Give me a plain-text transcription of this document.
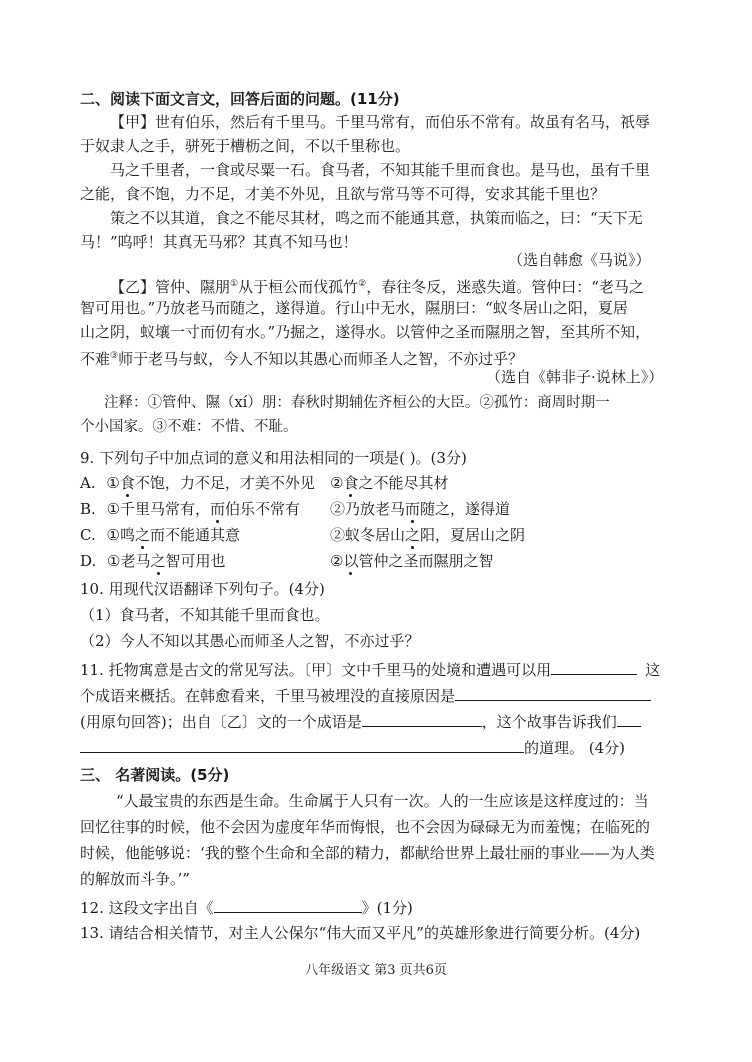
二、阅读下面文言文，回答后面的问题。(11分)
【甲】世有伯乐，然后有千里马。千里马常有，而伯乐不常有。故虽有名马，祇辱
于奴隶人之手，骈死于槽枥之间，不以千里称也。
马之千里者，一食或尽粟一石。食马者，不知其能千里而食也。是马也，虽有千里
之能，食不饱，力不足，才美不外见，且欲与常马等不可得，安求其能千里也？
策之不以其道，食之不能尽其材，鸣之而不能通其意，执策而临之，曰：“天下无
马！”呜呼！其真无马邪？其真不知马也！
（选自韩愈《马说》）
【乙】管仲、隰朋①从于桓公而伐孤竹②，春往冬反，迷惑失道。管仲曰：“老马之
智可用也。”乃放老马而随之，遂得道。行山中无水，隰朋曰：“蚁冬居山之阳，夏居
山之阴，蚁壤一寸而仞有水。”乃掘之，遂得水。以管仲之圣而隰朋之智，至其所不知，
不难③师于老马与蚁，今人不知以其愚心而师圣人之智，不亦过乎？
（选自《韩非子·说林上》）
注释：①管仲、隰（xí）朋：春秋时期辅佐齐桓公的大臣。②孤竹：商周时期一
个小国家。③不难：不惜、不耻。
9. 下列句子中加点词的意义和用法相同的一项是( )。(3分)
A. ①食不饱，力不足，才美不外见 ②食之不能尽其材
B. ①千里马常有，而伯乐不常有 ②乃放老马而随之，遂得道
C. ①鸣之而不能通其意	②蚁冬居山之阳，夏居山之阴
D. ①老马之智可用也	②以管仲之圣而隰朋之智
10. 用现代汉语翻译下列句子。(4分)
（1）食马者，不知其能千里而食也。
（2）今人不知以其愚心而师圣人之智，不亦过乎？
11. 托物寓意是古文的常见写法。〔甲〕文中千里马的处境和遭遇可以用	这
个成语来概括。在韩愈看来，千里马被埋没的直接原因是
(用原句回答)；出自〔乙〕文的一个成语是	，这个故事告诉我们
的道理。 (4分)
三、 名著阅读。(5分)
“人最宝贵的东西是生命。生命属于人只有一次。人的一生应该是这样度过的：当
回忆往事的时候，他不会因为虚度年华而悔恨，也不会因为碌碌无为而羞愧；在临死的
时候，他能够说：‘我的整个生命和全部的精力，都献给世界上最壮丽的事业——为人类
的解放而斗争。’”
12. 这段文字出自《	》(1分)
13. 请结合相关情节，对主人公保尔“伟大而又平凡”的英雄形象进行简要分析。(4分)
八年级语文 第3 页共6页
